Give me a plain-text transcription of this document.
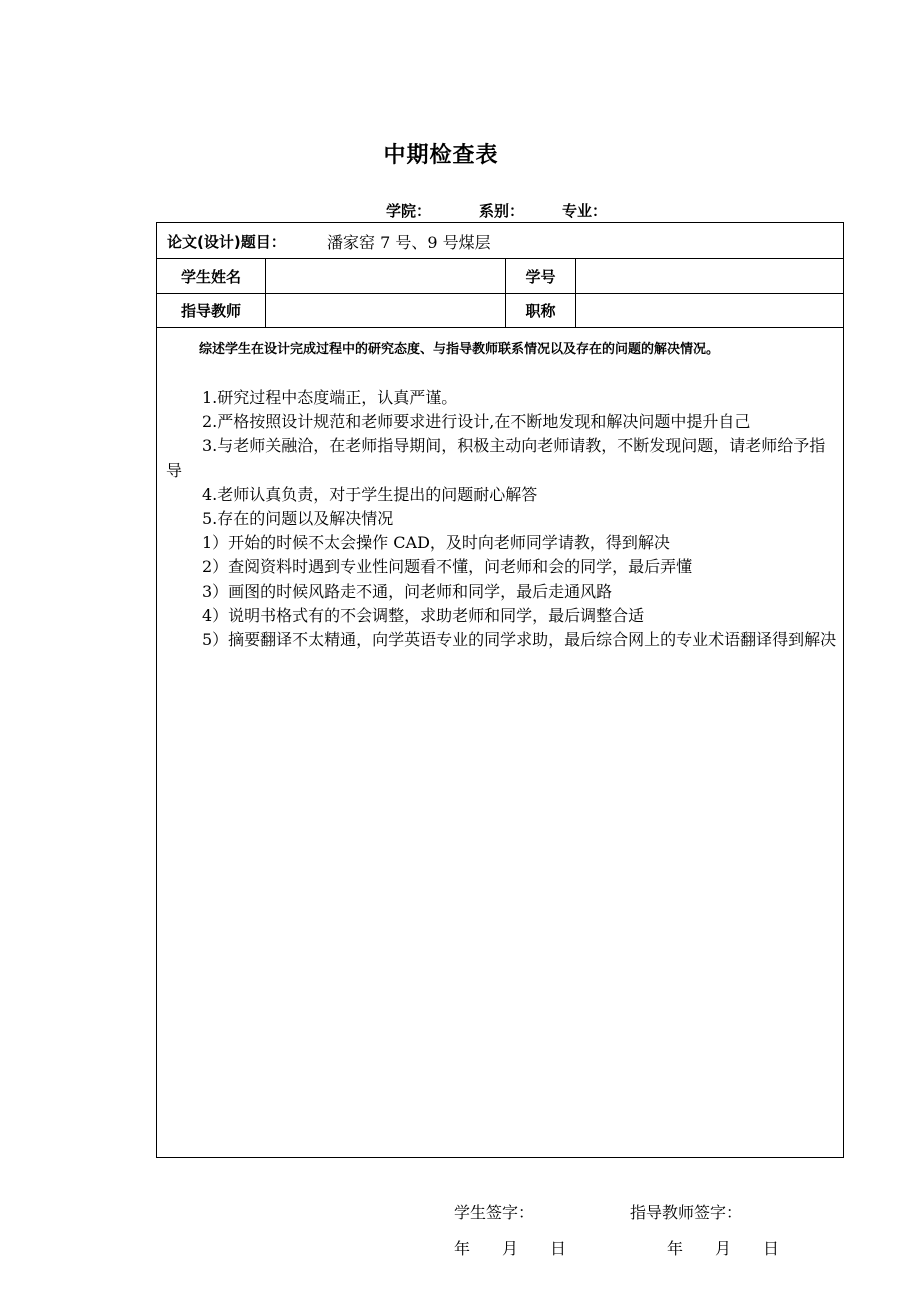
中期检查表
学院：	系别：	专业：
论文(设计)题目：	潘家窑 7 号、9 号煤层
学生姓名	学号
指导教师	职称
综述学生在设计完成过程中的研究态度、与指导教师联系情况以及存在的问题的解决情况。

1.研究过程中态度端正，认真严谨。

2.严格按照设计规范和老师要求进行设计,在不断地发现和解决问题中提升自己

3.与老师关融洽，在老师指导期间，积极主动向老师请教，不断发现问题，请老师给予指导

4.老师认真负责，对于学生提出的问题耐心解答

5.存在的问题以及解决情况

1）开始的时候不太会操作 CAD，及时向老师同学请教，得到解决

2）查阅资料时遇到专业性问题看不懂，问老师和会的同学，最后弄懂

3）画图的时候风路走不通，问老师和同学，最后走通风路

4）说明书格式有的不会调整，求助老师和同学，最后调整合适

5）摘要翻译不太精通，向学英语专业的同学求助，最后综合网上的专业术语翻译得到解决

学生签字：	指导教师签字：
年 月 日	年 月 日
